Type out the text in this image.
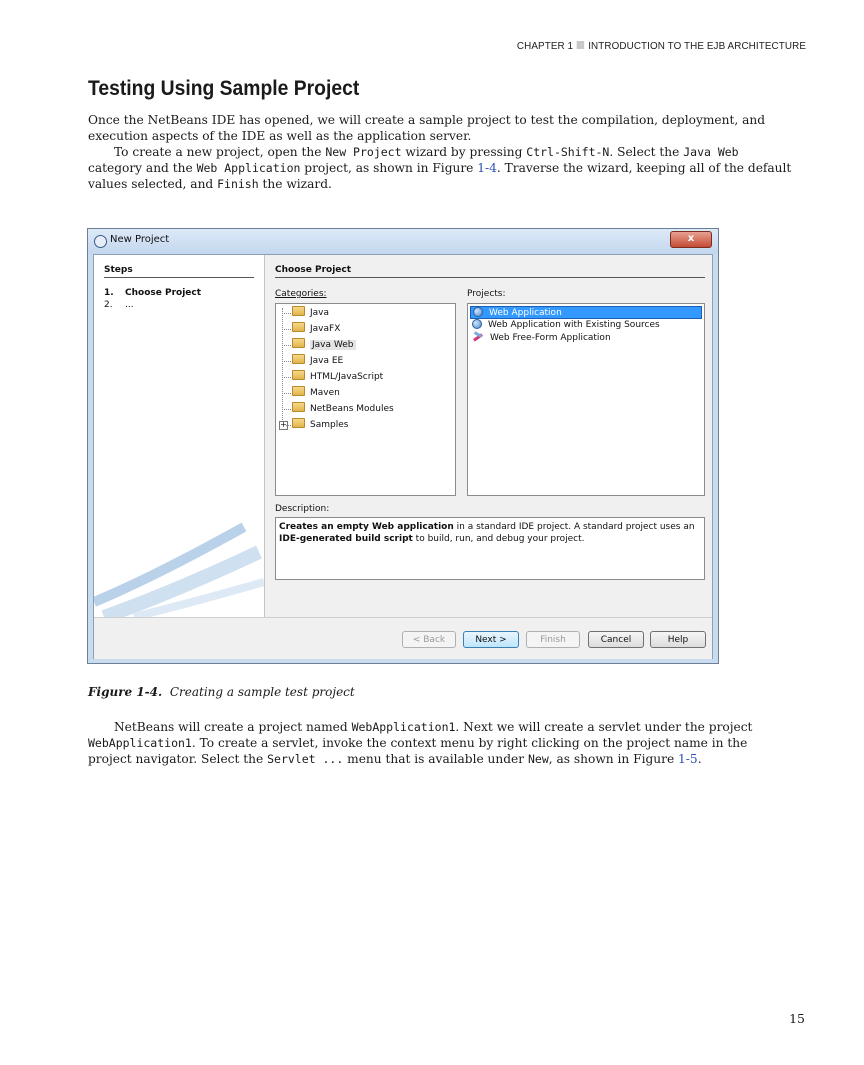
CHAPTER 1 INTRODUCTION TO THE EJB ARCHITECTURE
Testing Using Sample Project

Once the NetBeans IDE has opened, we will create a sample project to test the compilation, deployment, and execution aspects of the IDE as well as the application server.

To create a new project, open the New Project wizard by pressing Ctrl-Shift-N. Select the Java Web category and the Web Application project, as shown in Figure 1-4. Traverse the wizard, keeping all of the default values selected, and Finish the wizard.

New Project	x
Steps
1. Choose Project
2. ...
Choose Project
Categories:	Projects:
Java
JavaFX
Java Web
Java EE
HTML/JavaScript
Maven
NetBeans Modules
+	Samples
Web Application
Web Application with Existing Sources
Web Free-Form Application
Description:
Creates an empty Web application in a standard IDE project. A standard project uses an IDE-generated build script to build, run, and debug your project.
< Back	Next >	Finish	Cancel	Help
Figure 1-4. Creating a sample test project

NetBeans will create a project named WebApplication1. Next we will create a servlet under the project WebApplication1. To create a servlet, invoke the context menu by right clicking on the project name in the project navigator. Select the Servlet ... menu that is available under New, as shown in Figure 1-5.

15
